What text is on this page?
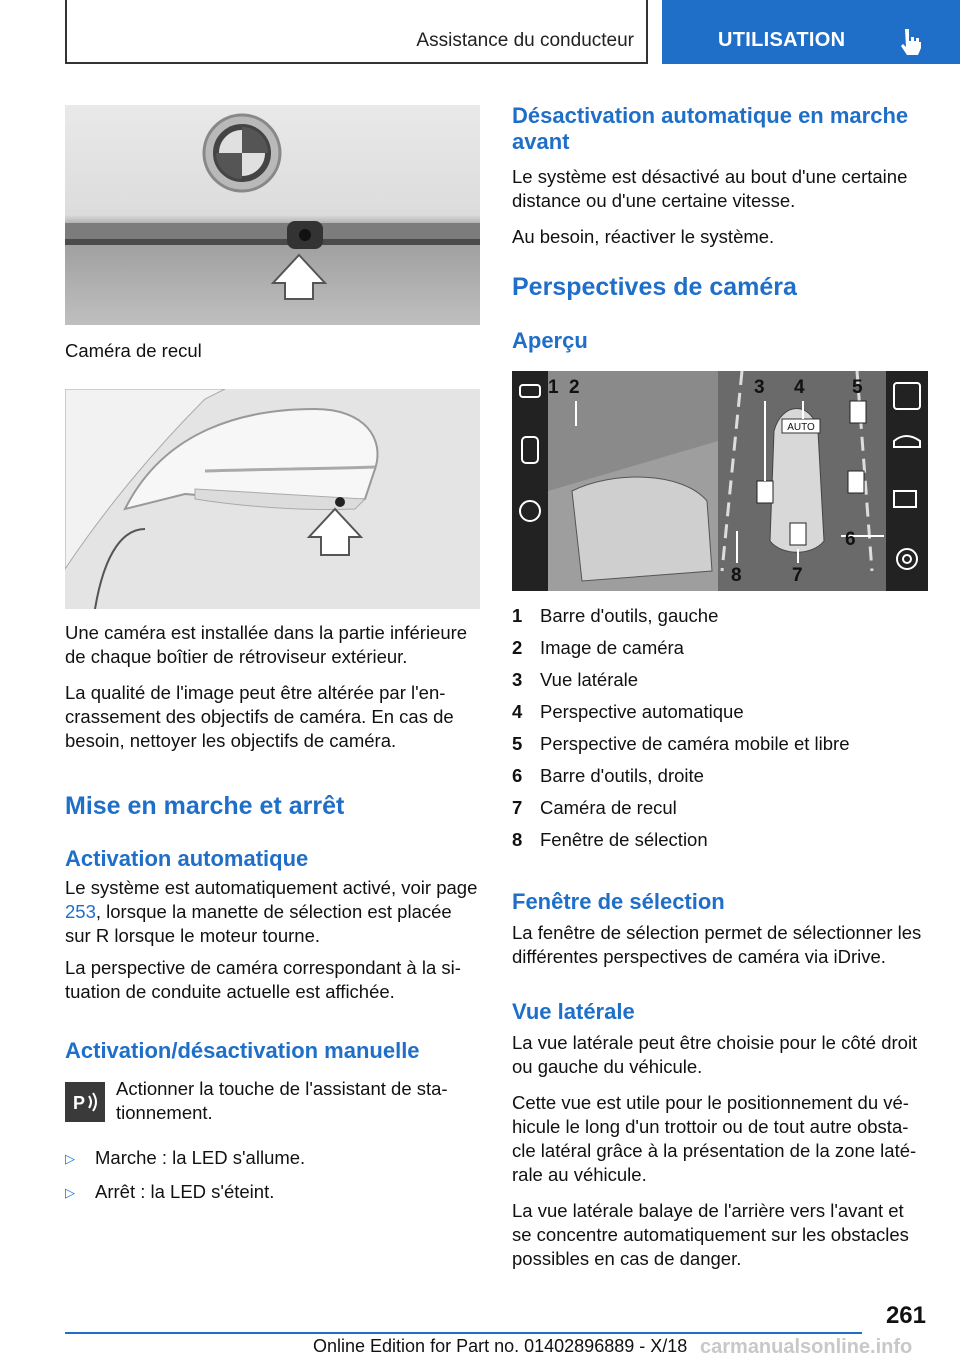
Assistance du conducteur	UTILISATION

Caméra de recul

Une caméra est installée dans la partie inférieure de chaque boîtier de rétroviseur extérieur.

La qualité de l'image peut être altérée par l'en-crassement des objectifs de caméra. En cas de besoin, nettoyer les objectifs de caméra.

Mise en marche et arrêt
Activation automatique

Le système est automatiquement activé, voir page 253, lorsque la manette de sélection est placée sur R lorsque le moteur tourne.

La perspective de caméra correspondant à la si-tuation de conduite actuelle est affichée.

Activation/désactivation manuelle
P

Actionner la touche de l'assistant de sta-tionnement.

▷	Marche : la LED s'allume.
▷	Arrêt : la LED s'éteint.
Désactivation automatique en marche avant

Le système est désactivé au bout d'une certaine distance ou d'une certaine vitesse.

Au besoin, réactiver le système.

Perspectives de caméra
Aperçu
AUTO
1 2	3 4 5
6
7
8
1 Barre d'outils, gauche
2 Image de caméra
3 Vue latérale
4 Perspective automatique
5 Perspective de caméra mobile et libre
6 Barre d'outils, droite
7 Caméra de recul
8 Fenêtre de sélection
Fenêtre de sélection

La fenêtre de sélection permet de sélectionner les différentes perspectives de caméra via iDrive.

Vue latérale

La vue latérale peut être choisie pour le côté droit ou gauche du véhicule.

Cette vue est utile pour le positionnement du vé-hicule le long d'un trottoir ou de tout autre obsta-cle latéral grâce à la présentation de la zone laté-rale au véhicule.

La vue latérale balaye de l'arrière vers l'avant et se concentre automatiquement sur les obstacles possibles en cas de danger.

261
Online Edition for Part no. 01402896889 - X/18 carmanualsonline.info
